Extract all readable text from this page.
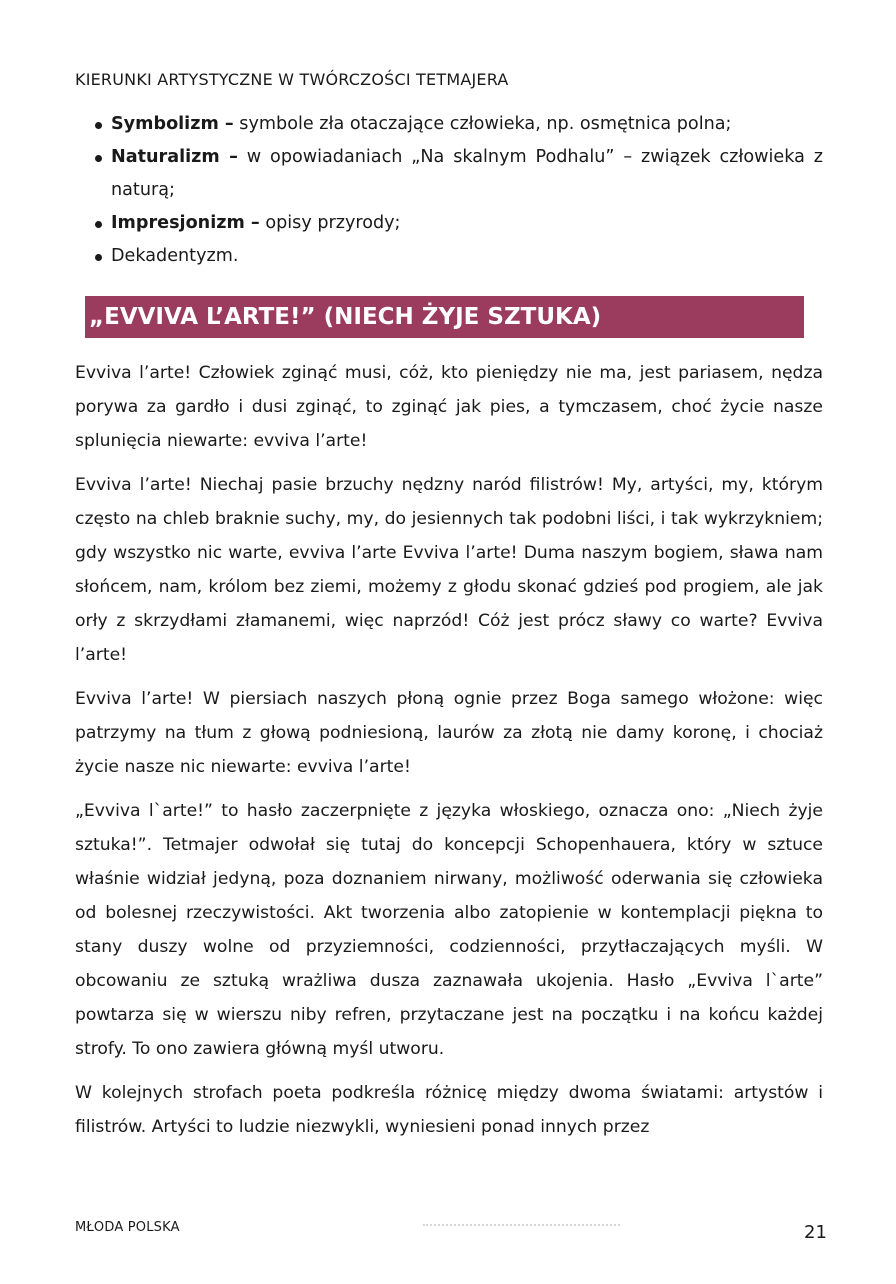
KIERUNKI ARTYSTYCZNE W TWÓRCZOŚCI TETMAJERA
Symbolizm – symbole zła otaczające człowieka, np. osmętnica polna;
Naturalizm – w opowiadaniach „Na skalnym Podhalu” – związek człowieka z naturą;
Impresjonizm – opisy przyrody;
Dekadentyzm.
„EVVIVA L’ARTE!” (NIECH ŻYJE SZTUKA)

Evviva l’arte! Człowiek zginąć musi, cóż, kto pieniędzy nie ma, jest pariasem, nędza porywa za gardło i dusi zginąć, to zginąć jak pies, a tymczasem, choć życie nasze splunięcia niewarte: evviva l’arte!

Evviva l’arte! Niechaj pasie brzuchy nędzny naród filistrów! My, artyści, my, którym często na chleb braknie suchy, my, do jesiennych tak podobni liści, i tak wykrzykniem; gdy wszystko nic warte, evviva l’arte Evviva l’arte! Duma naszym bogiem, sława nam słońcem, nam, królom bez ziemi, możemy z głodu skonać gdzieś pod progiem, ale jak orły z skrzydłami złamanemi, więc naprzód! Cóż jest prócz sławy co warte? Evviva l’arte!

Evviva l’arte! W piersiach naszych płoną ognie przez Boga samego włożone: więc patrzymy na tłum z głową podniesioną, laurów za złotą nie damy koronę, i chociaż życie nasze nic niewarte: evviva l’arte!

„Evviva l`arte!” to hasło zaczerpnięte z języka włoskiego, oznacza ono: „Niech żyje sztuka!”. Tetmajer odwołał się tutaj do koncepcji Schopenhauera, który w sztuce właśnie widział jedyną, poza doznaniem nirwany, możliwość oderwania się człowieka od bolesnej rzeczywistości. Akt tworzenia albo zatopienie w kontemplacji piękna to stany duszy wolne od przyziemności, codzienności, przytłaczających myśli. W obcowaniu ze sztuką wrażliwa dusza zaznawała ukojenia. Hasło „Evviva l`arte” powtarza się w wierszu niby refren, przytaczane jest na początku i na końcu każdej strofy. To ono zawiera główną myśl utworu.

W kolejnych strofach poeta podkreśla różnicę między dwoma światami: artystów i filistrów. Artyści to ludzie niezwykli, wyniesieni ponad innych przez

MŁODA POLSKA	21
